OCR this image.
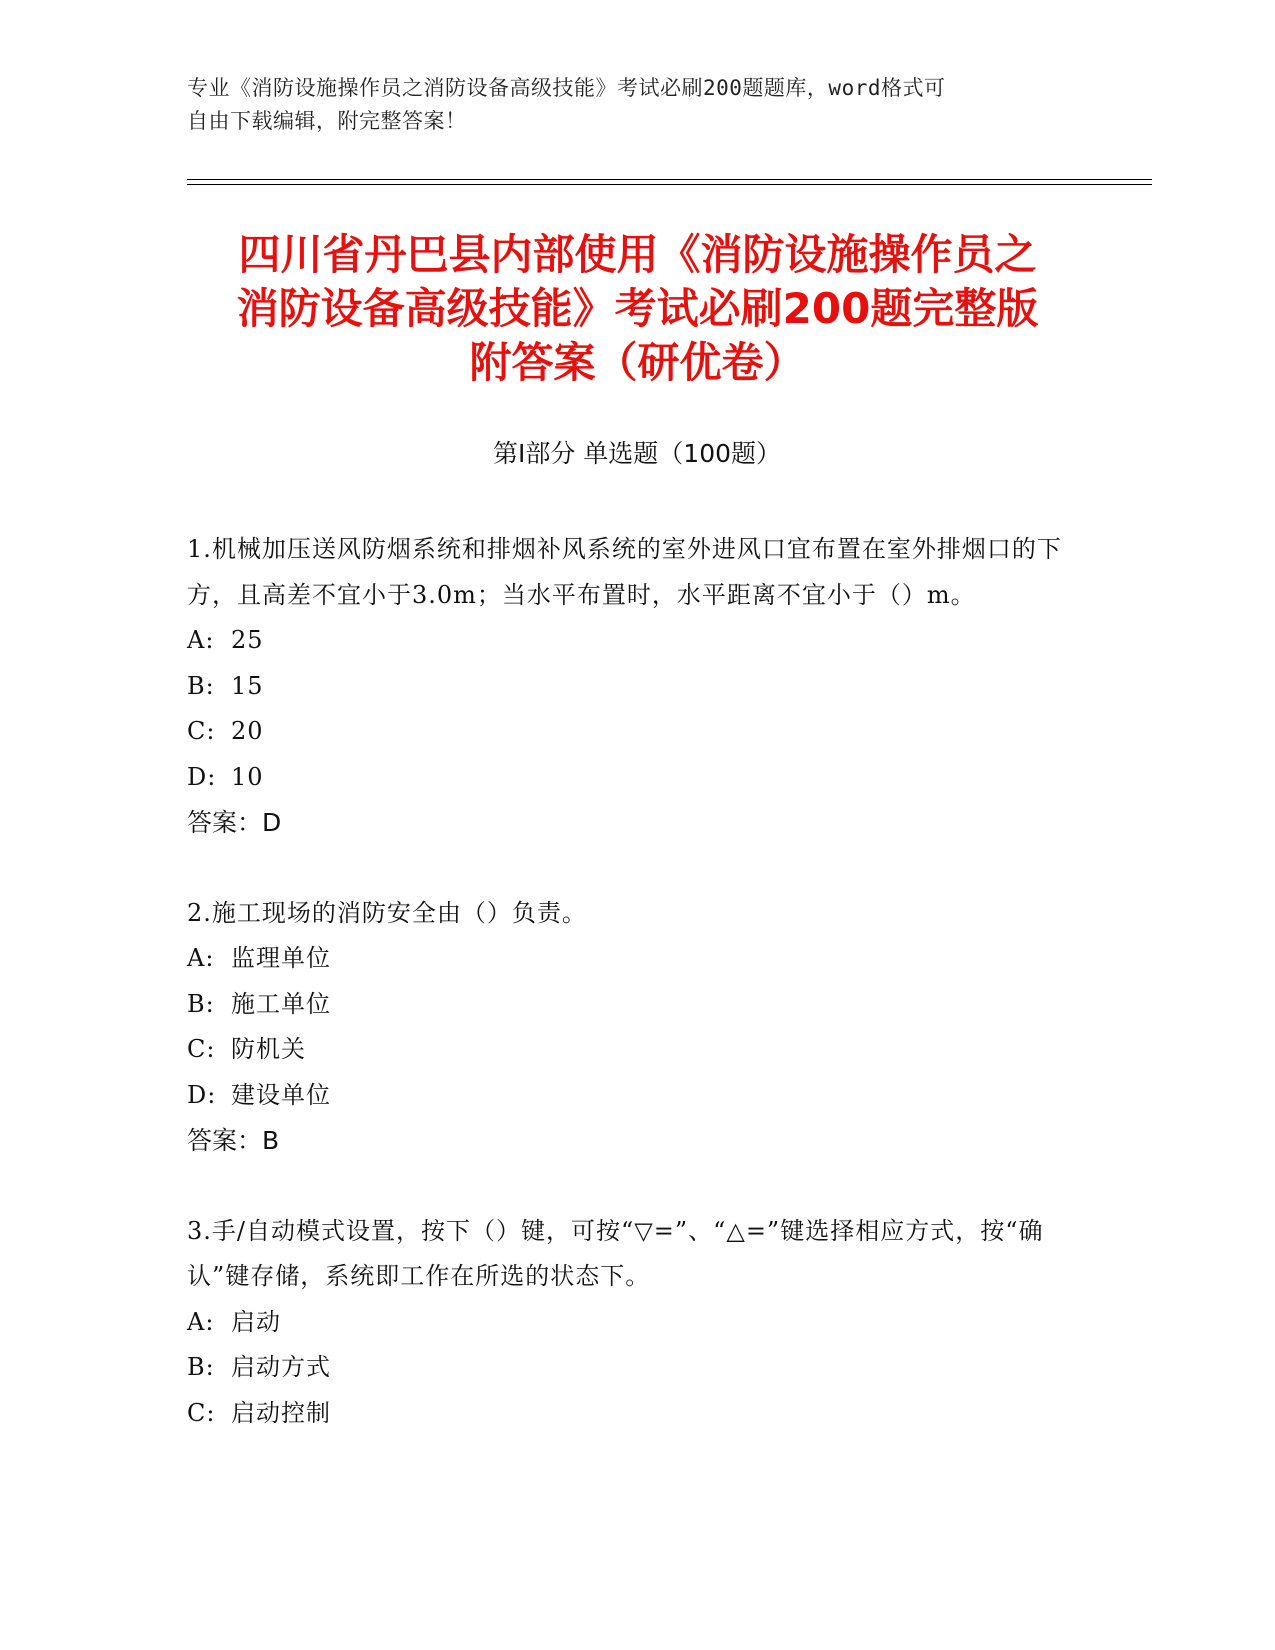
专业《消防设施操作员之消防设备高级技能》考试必刷200题题库，word格式可
自由下载编辑，附完整答案！
四川省丹巴县内部使用《消防设施操作员之
消防设备高级技能》考试必刷200题完整版
附答案（研优卷）
第Ⅰ部分 单选题（100题）
1.机械加压送风防烟系统和排烟补风系统的室外进风口宜布置在室外排烟口的下方，且高差不宜小于3.0m；当水平布置时，水平距离不宜小于（）m。
A: 25
B: 15
C: 20
D: 10
答案：D
2.施工现场的消防安全由（）负责。
A: 监理单位
B: 施工单位
C: 防机关
D: 建设单位
答案：B
3.手/自动模式设置，按下（）键，可按“▽=”、“△=”键选择相应方式，按“确认”键存储，系统即工作在所选的状态下。
A: 启动
B: 启动方式
C: 启动控制
